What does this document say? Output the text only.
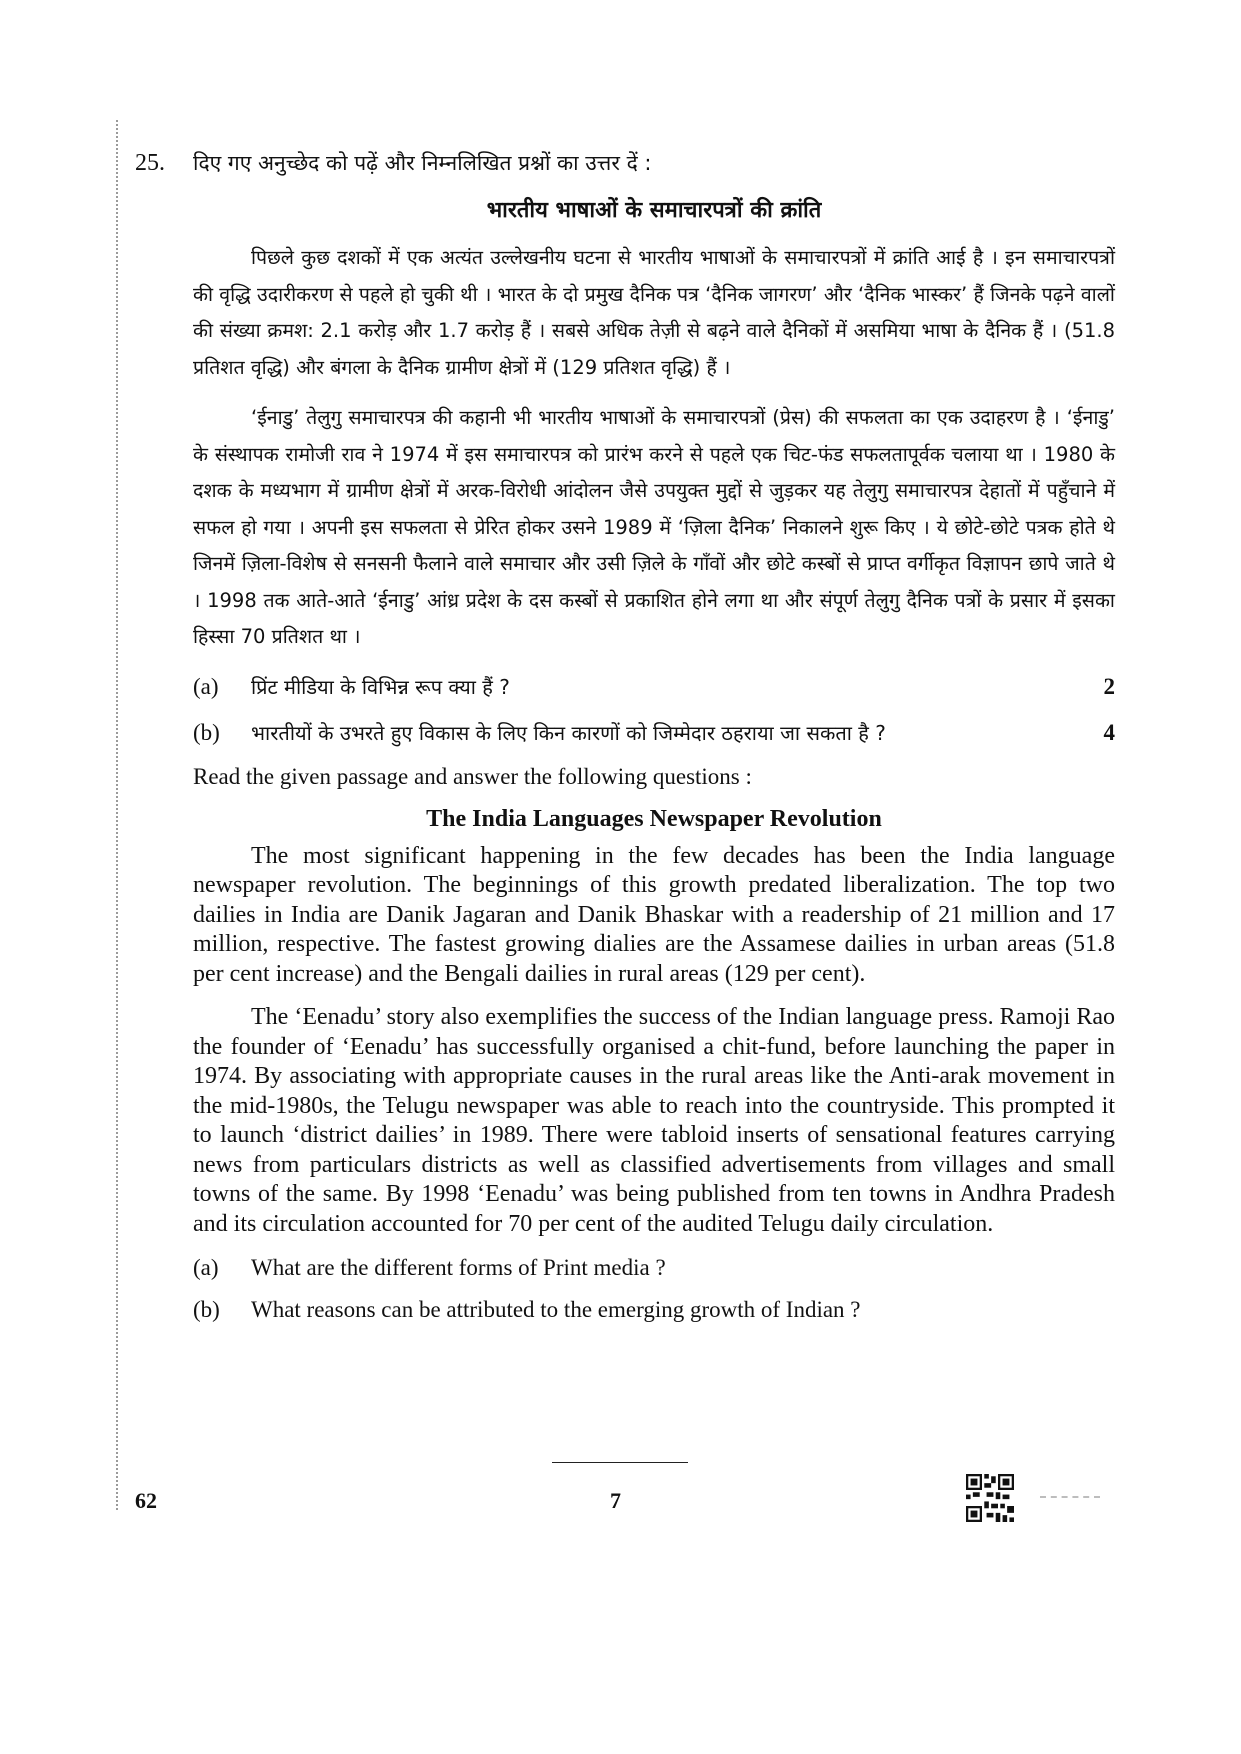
25.	दिए गए अनुच्छेद को पढ़ें और निम्नलिखित प्रश्नों का उत्तर दें :
भारतीय भाषाओं के समाचारपत्रों की क्रांति

पिछले कुछ दशकों में एक अत्यंत उल्लेखनीय घटना से भारतीय भाषाओं के समाचारपत्रों में क्रांति आई है । इन समाचारपत्रों की वृद्धि उदारीकरण से पहले हो चुकी थी । भारत के दो प्रमुख दैनिक पत्र ‘दैनिक जागरण’ और ‘दैनिक भास्कर’ हैं जिनके पढ़ने वालों की संख्या क्रमश: 2.1 करोड़ और 1.7 करोड़ हैं । सबसे अधिक तेज़ी से बढ़ने वाले दैनिकों में असमिया भाषा के दैनिक हैं । (51.8 प्रतिशत वृद्धि) और बंगला के दैनिक ग्रामीण क्षेत्रों में (129 प्रतिशत वृद्धि) हैं ।

‘ईनाडु’ तेलुगु समाचारपत्र की कहानी भी भारतीय भाषाओं के समाचारपत्रों (प्रेस) की सफलता का एक उदाहरण है । ‘ईनाडु’ के संस्थापक रामोजी राव ने 1974 में इस समाचारपत्र को प्रारंभ करने से पहले एक चिट-फंड सफलतापूर्वक चलाया था । 1980 के दशक के मध्यभाग में ग्रामीण क्षेत्रों में अरक-विरोधी आंदोलन जैसे उपयुक्त मुद्दों से जुड़कर यह तेलुगु समाचारपत्र देहातों में पहुँचाने में सफल हो गया । अपनी इस सफलता से प्रेरित होकर उसने 1989 में ‘ज़िला दैनिक’ निकालने शुरू किए । ये छोटे-छोटे पत्रक होते थे जिनमें ज़िला-विशेष से सनसनी फैलाने वाले समाचार और उसी ज़िले के गाँवों और छोटे कस्बों से प्राप्त वर्गीकृत विज्ञापन छापे जाते थे । 1998 तक आते-आते ‘ईनाडु’ आंध्र प्रदेश के दस कस्बों से प्रकाशित होने लगा था और संपूर्ण तेलुगु दैनिक पत्रों के प्रसार में इसका हिस्सा 70 प्रतिशत था ।

(a)	प्रिंट मीडिया के विभिन्न रूप क्या हैं ?	2
(b)	भारतीयों के उभरते हुए विकास के लिए किन कारणों को जिम्मेदार ठहराया जा सकता है ?	4
Read the given passage and answer the following questions :
The India Languages Newspaper Revolution

The most significant happening in the few decades has been the India language newspaper revolution. The beginnings of this growth predated liberalization. The top two dailies in India are Danik Jagaran and Danik Bhaskar with a readership of 21 million and 17 million, respective. The fastest growing dialies are the Assamese dailies in urban areas (51.8 per cent increase) and the Bengali dailies in rural areas (129 per cent).

The ‘Eenadu’ story also exemplifies the success of the Indian language press. Ramoji Rao the founder of ‘Eenadu’ has successfully organised a chit-fund, before launching the paper in 1974. By associating with appropriate causes in the rural areas like the Anti-arak movement in the mid-1980s, the Telugu newspaper was able to reach into the countryside. This prompted it to launch ‘district dailies’ in 1989. There were tabloid inserts of sensational features carrying news from particulars districts as well as classified advertisements from villages and small towns of the same. By 1998 ‘Eenadu’ was being published from ten towns in Andhra Pradesh and its circulation accounted for 70 per cent of the audited Telugu daily circulation.

(a)	What are the different forms of Print media ?
(b)	What reasons can be attributed to the emerging growth of Indian ?
62	7
